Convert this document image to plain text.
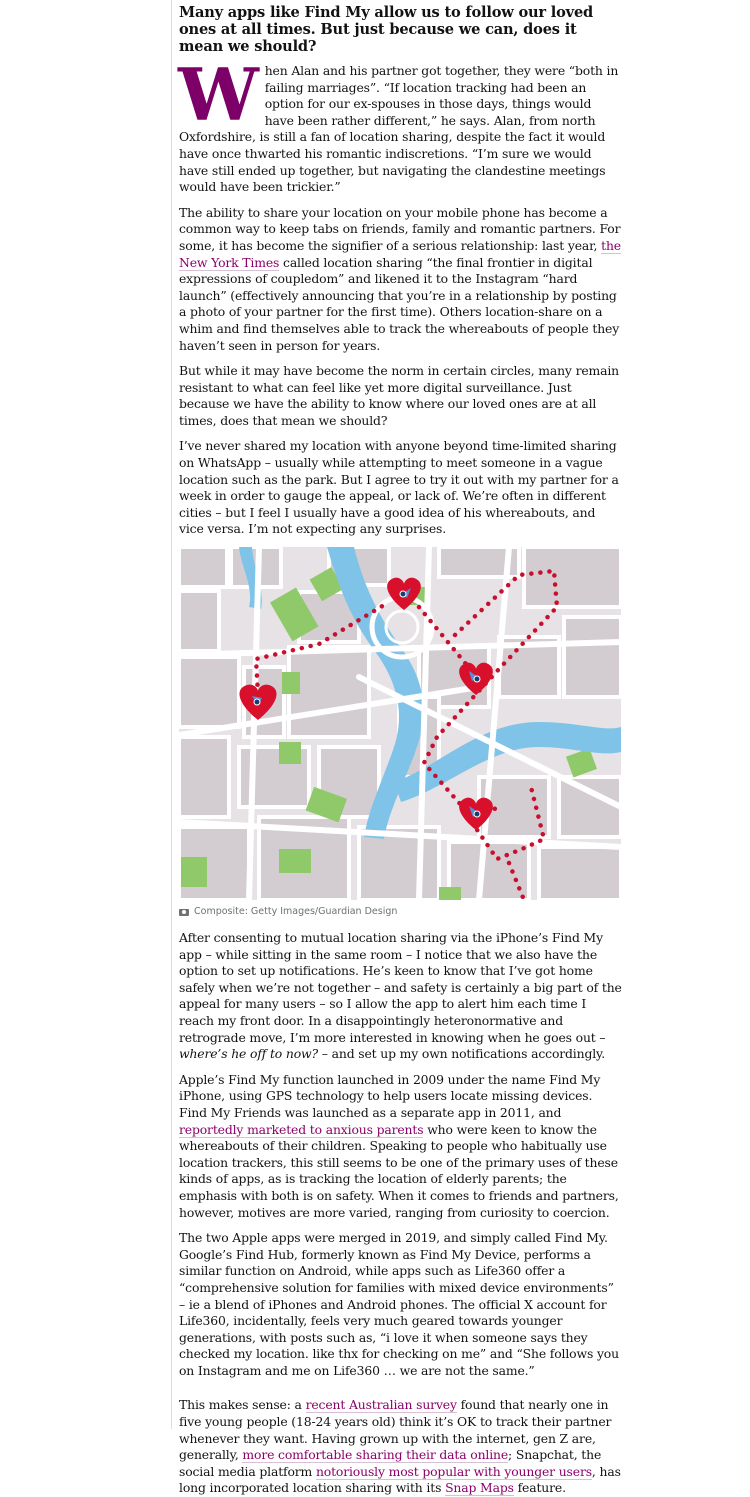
Many apps like Find My allow us to follow our loved ones at all times. But just because we can, does it mean we should?

When Alan and his partner got together, they were “both in failing marriages”. “If location tracking had been an option for our ex-spouses in those days, things would have been rather different,” he says. Alan, from north Oxfordshire, is still a fan of location sharing, despite the fact it would have once thwarted his romantic indiscretions. “I’m sure we would have still ended up together, but navigating the clandestine meetings would have been trickier.”

The ability to share your location on your mobile phone has become a common way to keep tabs on friends, family and romantic partners. For some, it has become the signifier of a serious relationship: last year, the New York Times called location sharing “the final frontier in digital expressions of coupledom” and likened it to the Instagram “hard launch” (effectively announcing that you’re in a relationship by posting a photo of your partner for the first time). Others location-share on a whim and find themselves able to track the whereabouts of people they haven’t seen in person for years.

But while it may have become the norm in certain circles, many remain resistant to what can feel like yet more digital surveillance. Just because we have the ability to know where our loved ones are at all times, does that mean we should?

I’ve never shared my location with anyone beyond time-limited sharing on WhatsApp – usually while attempting to meet someone in a vague location such as the park. But I agree to try it out with my partner for a week in order to gauge the appeal, or lack of. We’re often in different cities – but I feel I usually have a good idea of his whereabouts, and vice versa. I’m not expecting any surprises.

Composite: Getty Images/Guardian Design

After consenting to mutual location sharing via the iPhone’s Find My app – while sitting in the same room – I notice that we also have the option to set up notifications. He’s keen to know that I’ve got home safely when we’re not together – and safety is certainly a big part of the appeal for many users – so I allow the app to alert him each time I reach my front door. In a disappointingly heteronormative and retrograde move, I’m more interested in knowing when he goes out – where’s he off to now? – and set up my own notifications accordingly.

Apple’s Find My function launched in 2009 under the name Find My iPhone, using GPS technology to help users locate missing devices. Find My Friends was launched as a separate app in 2011, and reportedly marketed to anxious parents who were keen to know the whereabouts of their children. Speaking to people who habitually use location trackers, this still seems to be one of the primary uses of these kinds of apps, as is tracking the location of elderly parents; the emphasis with both is on safety. When it comes to friends and partners, however, motives are more varied, ranging from curiosity to coercion.

The two Apple apps were merged in 2019, and simply called Find My. Google’s Find Hub, formerly known as Find My Device, performs a similar function on Android, while apps such as Life360 offer a “comprehensive solution for families with mixed device environments” – ie a blend of iPhones and Android phones. The official X account for Life360, incidentally, feels very much geared towards younger generations, with posts such as, “i love it when someone says they checked my location. like thx for checking on me” and “She follows you on Instagram and me on Life360 … we are not the same.”

This makes sense: a recent Australian survey found that nearly one in five young people (18-24 years old) think it’s OK to track their partner whenever they want. Having grown up with the internet, gen Z are, generally, more comfortable sharing their data online; Snapchat, the social media platform notoriously most popular with younger users, has long incorporated location sharing with its Snap Maps feature.
